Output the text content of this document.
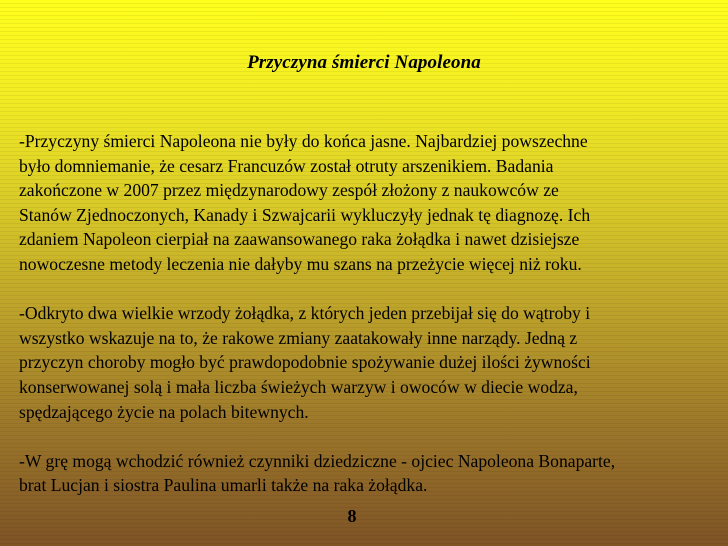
Przyczyna śmierci Napoleona
-Przyczyny śmierci Napoleona nie były do końca jasne. Najbardziej powszechne
było domniemanie, że cesarz Francuzów został otruty arszenikiem. Badania
zakończone w 2007 przez międzynarodowy zespół złożony z naukowców ze
Stanów Zjednoczonych, Kanady i Szwajcarii wykluczyły jednak tę diagnozę. Ich
zdaniem Napoleon cierpiał na zaawansowanego raka żołądka i nawet dzisiejsze
nowoczesne metody leczenia nie dałyby mu szans na przeżycie więcej niż roku.
-Odkryto dwa wielkie wrzody żołądka, z których jeden przebijał się do wątroby i
wszystko wskazuje na to, że rakowe zmiany zaatakowały inne narządy. Jedną z
przyczyn choroby mogło być prawdopodobnie spożywanie dużej ilości żywności
konserwowanej solą i mała liczba świeżych warzyw i owoców w diecie wodza,
spędzającego życie na polach bitewnych.
-W grę mogą wchodzić również czynniki dziedziczne - ojciec Napoleona Bonaparte,
brat Lucjan i siostra Paulina umarli także na raka żołądka.
8
